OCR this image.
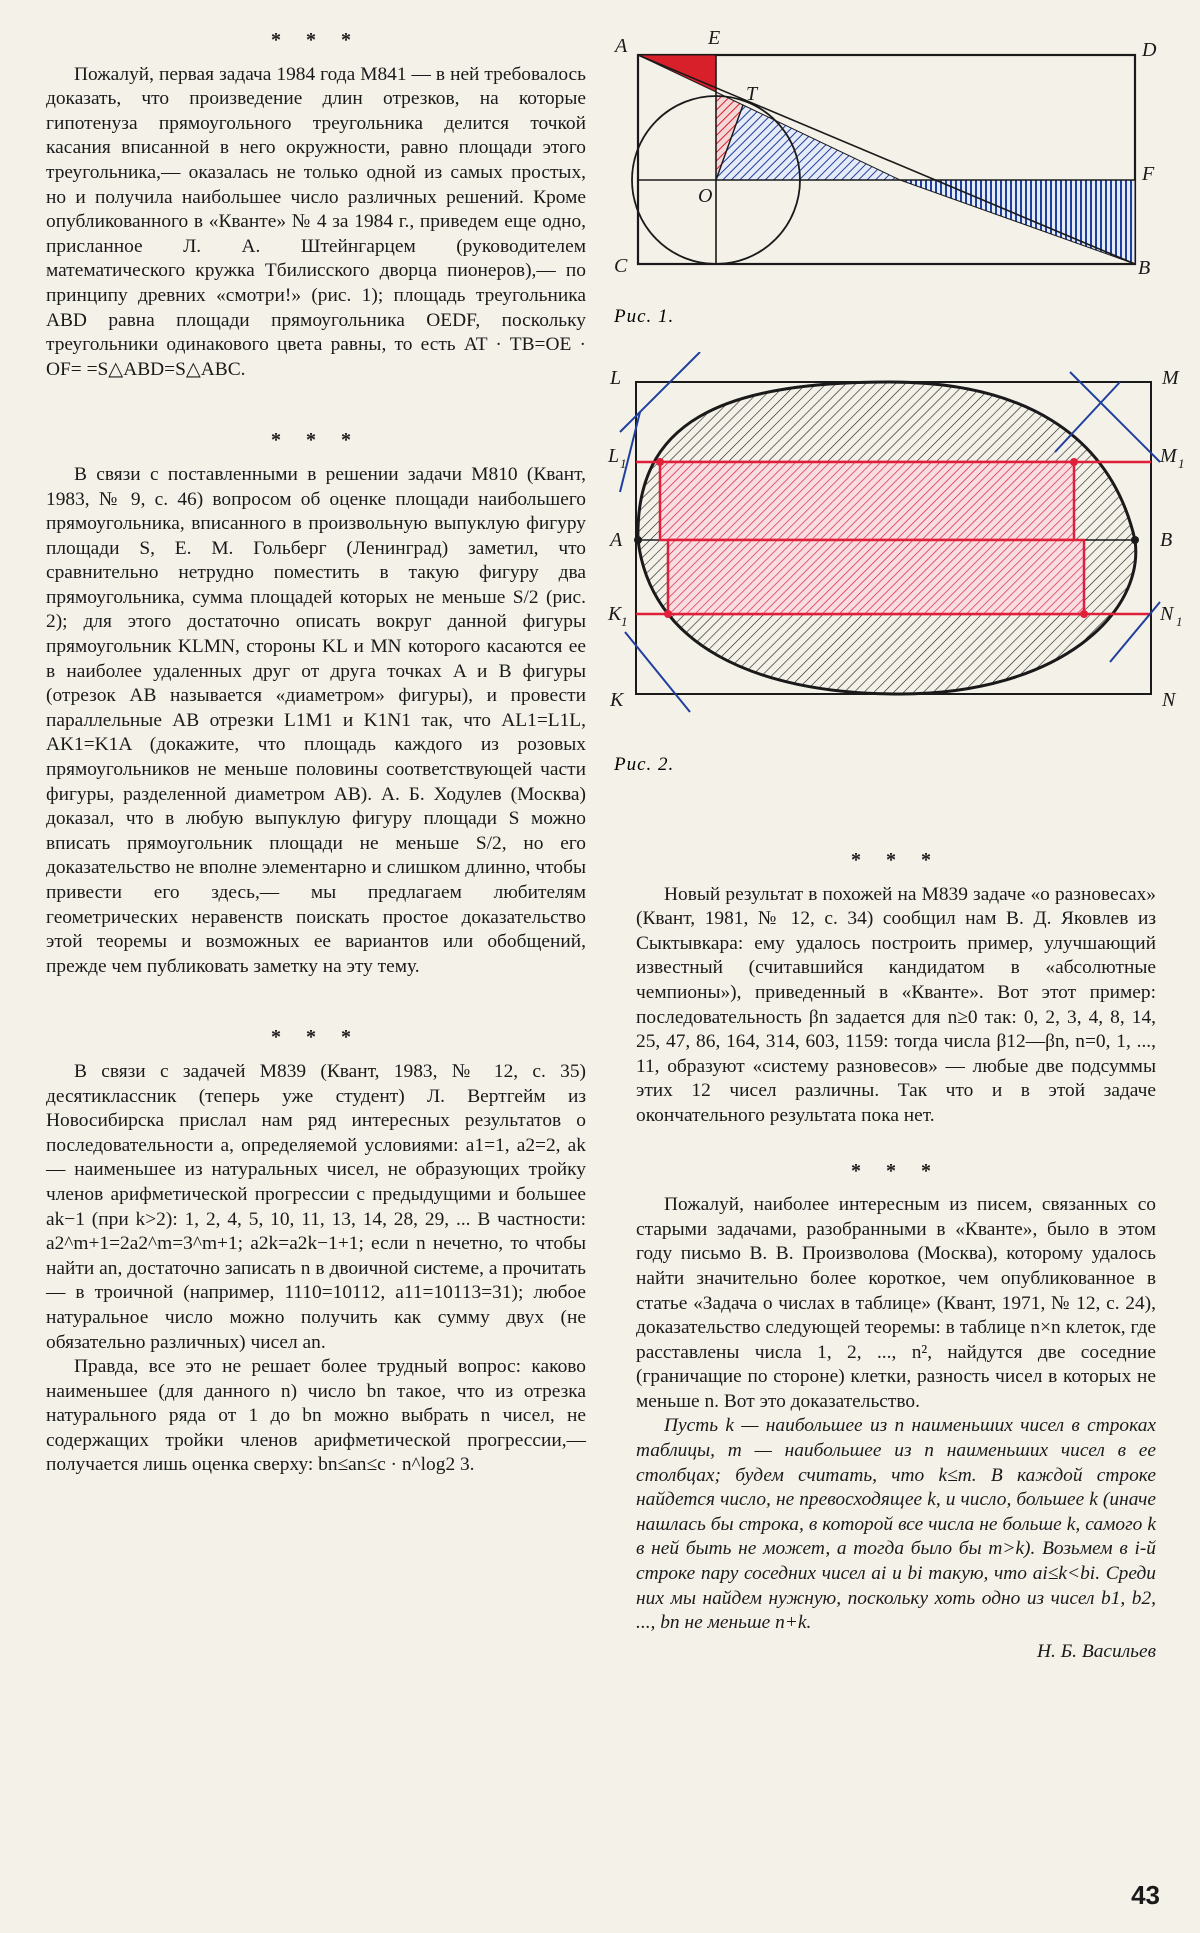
* * *

Пожалуй, первая задача 1984 года М841 — в ней требовалось доказать, что произведение длин отрезков, на которые гипотенуза прямоугольного треугольника делится точкой касания вписанной в него окружности, равно площади этого треугольника,— оказалась не только одной из самых простых, но и получила наибольшее число различных решений. Кроме опубликованного в «Кванте» № 4 за 1984 г., приведем еще одно, присланное Л. А. Штейнгарцем (руководителем математического кружка Тбилисского дворца пионеров),— по принципу древних «смотри!» (рис. 1); площадь треугольника ABD равна площади прямоугольника OEDF, поскольку треугольники одинакового цвета равны, то есть AT · TB=OE · OF= =S△ABD=S△ABC.

* * *

В связи с поставленными в решении задачи М810 (Квант, 1983, № 9, с. 46) вопросом об оценке площади наибольшего прямоугольника, вписанного в произвольную выпуклую фигуру площади S, Е. М. Гольберг (Ленинград) заметил, что сравнительно нетрудно поместить в такую фигуру два прямоугольника, сумма площадей которых не меньше S/2 (рис. 2); для этого достаточно описать вокруг данной фигуры прямоугольник KLMN, стороны KL и MN которого касаются ее в наиболее удаленных друг от друга точках A и B фигуры (отрезок AB называется «диаметром» фигуры), и провести параллельные AB отрезки L1M1 и K1N1 так, что AL1=L1L, AK1=K1A (докажите, что площадь каждого из розовых прямоугольников не меньше половины соответствующей части фигуры, разделенной диаметром AB). А. Б. Ходулев (Москва) доказал, что в любую выпуклую фигуру площади S можно вписать прямоугольник площади не меньше S/2, но его доказательство не вполне элементарно и слишком длинно, чтобы привести его здесь,— мы предлагаем любителям геометрических неравенств поискать простое доказательство этой теоремы и возможных ее вариантов или обобщений, прежде чем публиковать заметку на эту тему.

* * *

В связи с задачей М839 (Квант, 1983, № 12, с. 35) десятиклассник (теперь уже студент) Л. Вертгейм из Новосибирска прислал нам ряд интересных результатов о последовательности a, определяемой условиями: a1=1, a2=2, ak — наименьшее из натуральных чисел, не образующих тройку членов арифметической прогрессии с предыдущими и большее ak−1 (при k>2): 1, 2, 4, 5, 10, 11, 13, 14, 28, 29, ... В частности: a2^m+1=2a2^m=3^m+1; a2k=a2k−1+1; если n нечетно, то чтобы найти an, достаточно записать n в двоичной системе, а прочитать — в троичной (например, 1110=10112, a11=10113=31); любое натуральное число можно получить как сумму двух (не обязательно различных) чисел an.

Правда, все это не решает более трудный вопрос: каково наименьшее (для данного n) число bn такое, что из отрезка натурального ряда от 1 до bn можно выбрать n чисел, не содержащих тройки членов арифметической прогрессии,— получается лишь оценка сверху: bn≤an≤c · n^log2 3.

A	E
D
T
O
F
C	B
Рис. 1.
L	M
L 1	M 1
A	B
K 1	N 1
K	N
Рис. 2.
* * *

Новый результат в похожей на М839 задаче «о разновесах» (Квант, 1981, № 12, с. 34) сообщил нам В. Д. Яковлев из Сыктывкара: ему удалось построить пример, улучшающий известный (считавшийся кандидатом в «абсолютные чемпионы»), приведенный в «Кванте». Вот этот пример: последовательность βn задается для n≥0 так: 0, 2, 3, 4, 8, 14, 25, 47, 86, 164, 314, 603, 1159: тогда числа β12—βn, n=0, 1, ..., 11, образуют «систему разновесов» — любые две подсуммы этих 12 чисел различны. Так что и в этой задаче окончательного результата пока нет.

* * *

Пожалуй, наиболее интересным из писем, связанных со старыми задачами, разобранными в «Кванте», было в этом году письмо В. В. Произволова (Москва), которому удалось найти значительно более короткое, чем опубликованное в статье «Задача о числах в таблице» (Квант, 1971, № 12, с. 24), доказательство следующей теоремы: в таблице n×n клеток, где расставлены числа 1, 2, ..., n², найдутся две соседние (граничащие по стороне) клетки, разность чисел в которых не меньше n. Вот это доказательство.

Пусть k — наибольшее из n наименьших чисел в строках таблицы, m — наибольшее из n наименьших чисел в ее столбцах; будем считать, что k≤m. В каждой строке найдется число, не превосходящее k, и число, большее k (иначе нашлась бы строка, в которой все числа не больше k, самого k в ней быть не может, а тогда было бы m>k). Возьмем в i-й строке пару соседних чисел ai и bi такую, что ai≤k<bi. Среди них мы найдем нужную, поскольку хоть одно из чисел b1, b2, ..., bn не меньше n+k.

Н. Б. Васильев
43
